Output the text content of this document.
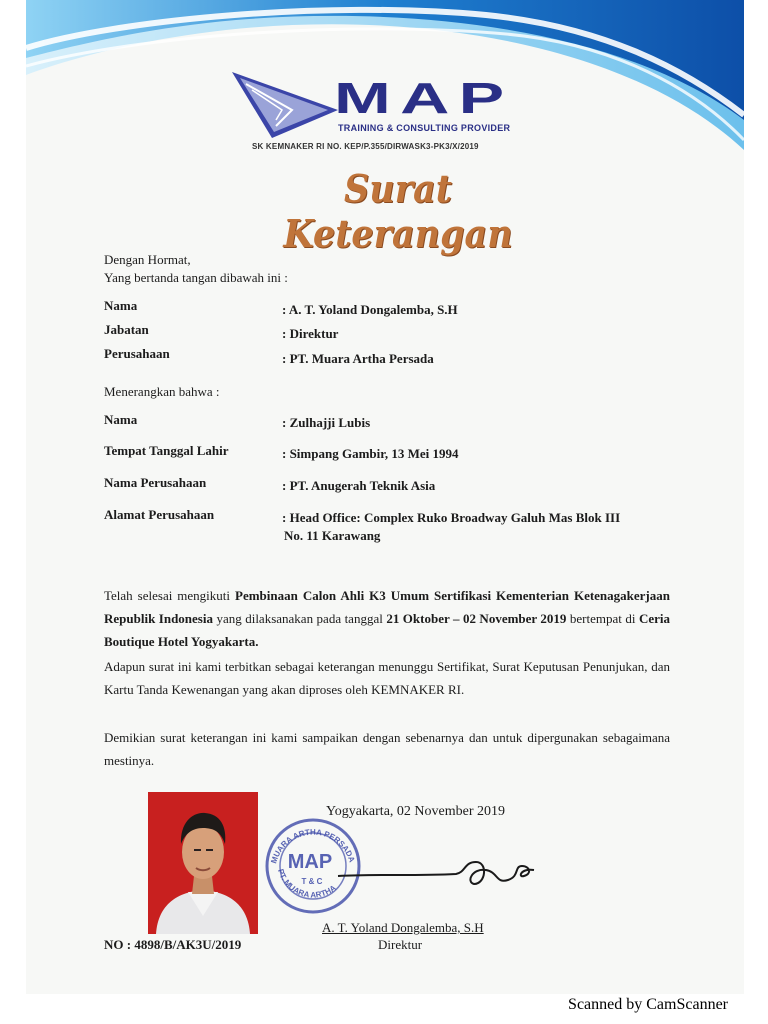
MAP
TRAINING & CONSULTING PROVIDER
SK KEMNAKER RI NO. KEP/P.355/DIRWASK3-PK3/X/2019
Surat Keterangan
Dengan Hormat,
Yang bertanda tangan dibawah ini :
Nama	: A. T. Yoland Dongalemba, S.H
Jabatan	: Direktur
Perusahaan	: PT. Muara Artha Persada
Menerangkan bahwa :
Nama	: Zulhajji Lubis
Tempat Tanggal Lahir	: Simpang Gambir, 13 Mei 1994
Nama Perusahaan	: PT. Anugerah Teknik Asia
Alamat Perusahaan	: Head Office: Complex Ruko Broadway Galuh Mas Blok III
No. 11 Karawang
Telah selesai mengikuti Pembinaan Calon Ahli K3 Umum Sertifikasi Kementerian Ketenagakerjaan Republik Indonesia yang dilaksanakan pada tanggal 21 Oktober – 02 November 2019 bertempat di Ceria Boutique Hotel Yogyakarta.
Adapun surat ini kami terbitkan sebagai keterangan menunggu Sertifikat, Surat Keputusan Penunjukan, dan Kartu Tanda Kewenangan yang akan diproses oleh KEMNAKER RI.
Demikian surat keterangan ini kami sampaikan dengan sebenarnya dan untuk dipergunakan sebagaimana mestinya.
MUARA ARTHA PERSADA
PT. MUARA ARTHA
MAP
T & C
Yogyakarta, 02 November 2019
A. T. Yoland Dongalemba, S.H
Direktur
NO : 4898/B/AK3U/2019
Scanned by CamScanner
